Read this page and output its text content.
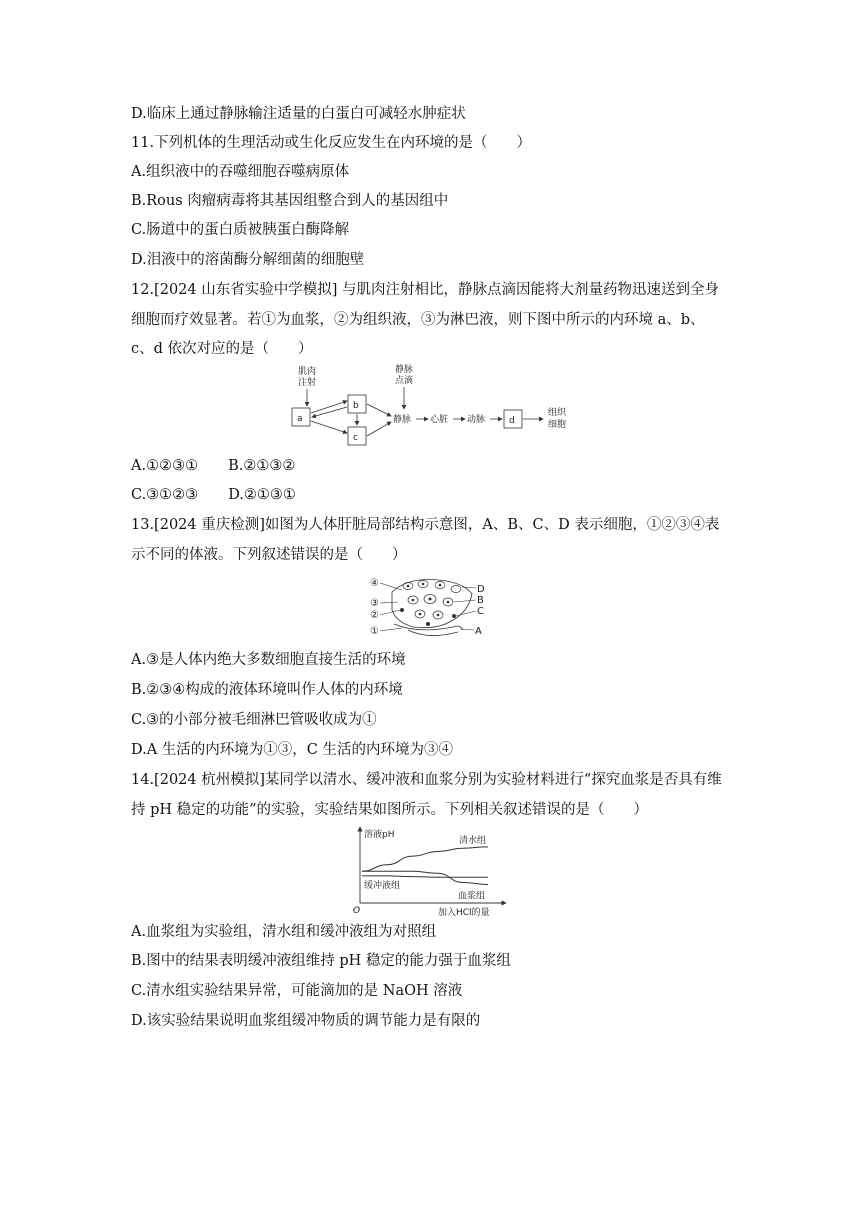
D.临床上通过静脉输注适量的白蛋白可减轻水肿症状
11.下列机体的生理活动或生化反应发生在内环境的是（　　）
A.组织液中的吞噬细胞吞噬病原体
B.Rous 肉瘤病毒将其基因组整合到人的基因组中
C.肠道中的蛋白质被胰蛋白酶降解
D.泪液中的溶菌酶分解细菌的细胞壁
12.[2024 山东省实验中学模拟] 与肌肉注射相比，静脉点滴因能将大剂量药物迅速送到全身
细胞而疗效显著。若①为血浆，②为组织液，③为淋巴液，则下图中所示的内环境 a、b、
c、d 依次对应的是（　　）
肌肉
注射
a
b
c
静脉
点滴
静脉 心脏 动脉	d
组织
细胞
A.①②③① B.②①③②
C.③①②③ D.②①③①
13.[2024 重庆检测]如图为人体肝脏局部结构示意图，A、B、C、D 表示细胞，①②③④表
示不同的体液。下列叙述错误的是（　　）
④
③
②
①
D
B
C
A
A.③是人体内绝大多数细胞直接生活的环境
B.②③④构成的液体环境叫作人体的内环境
C.③的小部分被毛细淋巴管吸收成为①
D.A 生活的内环境为①③，C 生活的内环境为③④
14.[2024 杭州模拟]某同学以清水、缓冲液和血浆分别为实验材料进行“探究血浆是否具有维
持 pH 稳定的功能”的实验，实验结果如图所示。下列相关叙述错误的是（　　）
溶液pH
加入HCl的量
O
清水组
血浆组
缓冲液组
A.血浆组为实验组，清水组和缓冲液组为对照组
B.图中的结果表明缓冲液组维持 pH 稳定的能力强于血浆组
C.清水组实验结果异常，可能滴加的是 NaOH 溶液
D.该实验结果说明血浆组缓冲物质的调节能力是有限的
